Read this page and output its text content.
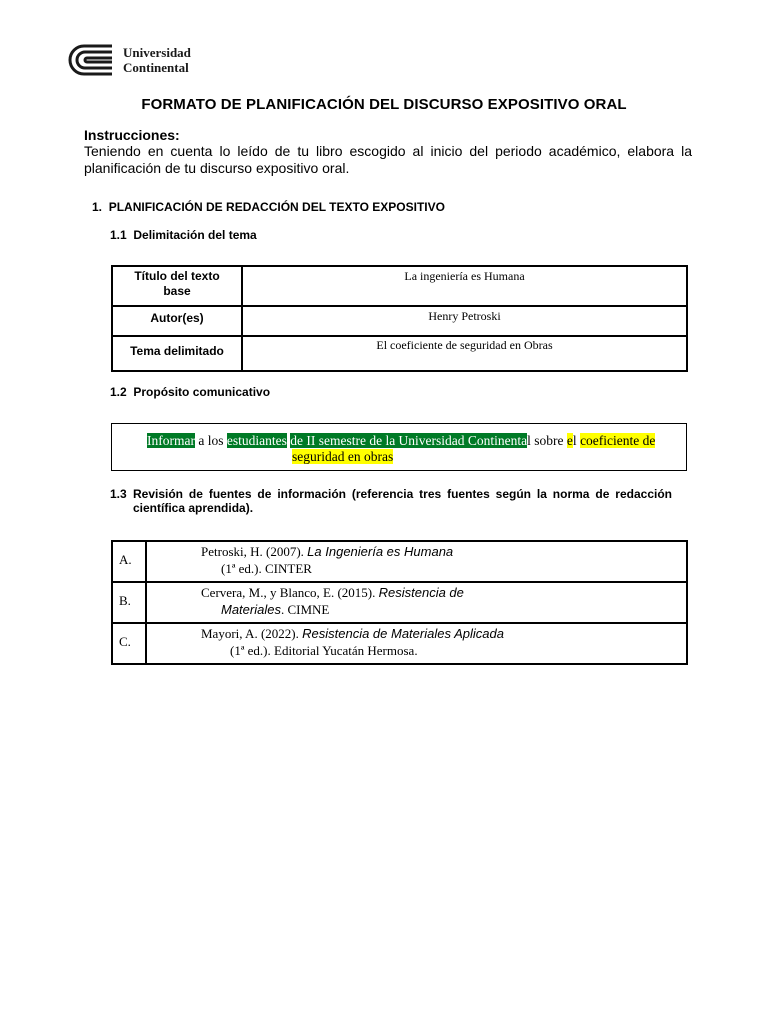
Universidad
Continental
FORMATO DE PLANIFICACIÓN DEL DISCURSO EXPOSITIVO ORAL
Instrucciones:
Teniendo en cuenta lo leído de tu libro escogido al inicio del periodo académico, elabora la planificación de tu discurso expositivo oral.
1. PLANIFICACIÓN DE REDACCIÓN DEL TEXTO EXPOSITIVO
1.1 Delimitación del tema
Título del texto base	La ingeniería es Humana

Autor(es)	Henry Petroski

Tema delimitado	El coeficiente de seguridad en Obras
1.2 Propósito comunicativo
Informar a los estudiantes de II semestre de la Universidad Continental sobre el coeficiente de
seguridad en obras
1.3 Revisión de fuentes de información (referencia tres fuentes según la norma de redacción científica aprendida).
A.	Petroski, H. (2007). La Ingeniería es Humana
(1ª ed.). CINTER

B.	Cervera, M., y Blanco, E. (2015). Resistencia de
Materiales. CIMNE

C.	Mayori, A. (2022). Resistencia de Materiales Aplicada
(1ª ed.). Editorial Yucatán Hermosa.
